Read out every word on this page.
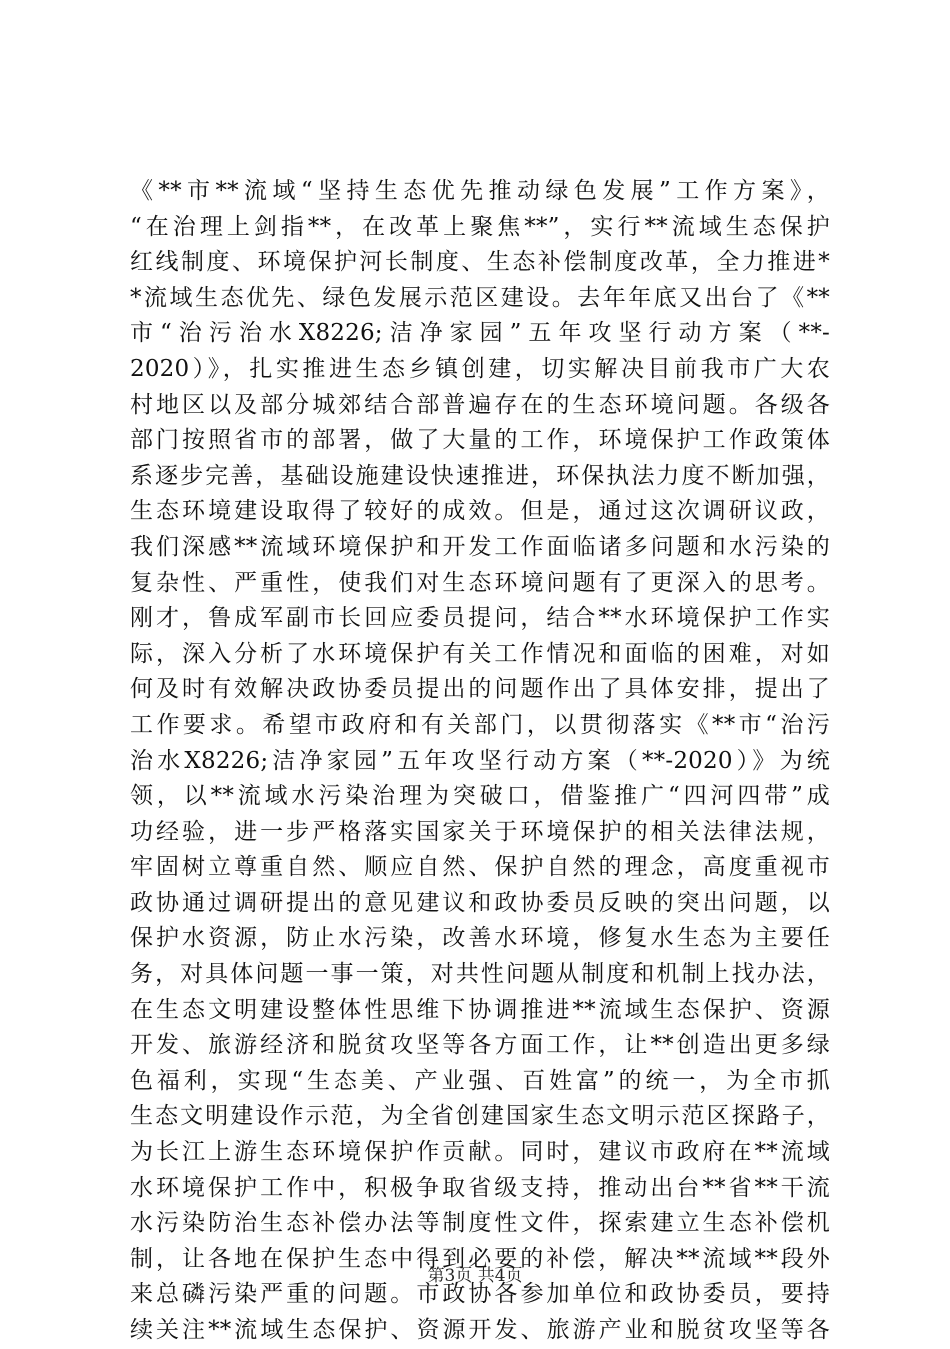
《**市**流域“坚持生态优先推动绿色发展”工作方案》，
“在治理上剑指**，在改革上聚焦**”，实行**流域生态保护
红线制度、环境保护河长制度、生态补偿制度改革，全力推进*
*流域生态优先、绿色发展示范区建设。去年年底又出台了《**
市“治污治水X8226;洁净家园”五年攻坚行动方案（**-
2020）》，扎实推进生态乡镇创建，切实解决目前我市广大农
村地区以及部分城郊结合部普遍存在的生态环境问题。各级各
部门按照省市的部署，做了大量的工作，环境保护工作政策体
系逐步完善，基础设施建设快速推进，环保执法力度不断加强，
生态环境建设取得了较好的成效。但是，通过这次调研议政，
我们深感**流域环境保护和开发工作面临诸多问题和水污染的
复杂性、严重性，使我们对生态环境问题有了更深入的思考。
刚才，鲁成军副市长回应委员提问，结合**水环境保护工作实
际，深入分析了水环境保护有关工作情况和面临的困难，对如
何及时有效解决政协委员提出的问题作出了具体安排，提出了
工作要求。希望市政府和有关部门，以贯彻落实《**市“治污
治水X8226;洁净家园”五年攻坚行动方案（**-2020）》为统
领，以**流域水污染治理为突破口，借鉴推广“四河四带”成
功经验，进一步严格落实国家关于环境保护的相关法律法规，
牢固树立尊重自然、顺应自然、保护自然的理念，高度重视市
政协通过调研提出的意见建议和政协委员反映的突出问题，以
保护水资源，防止水污染，改善水环境，修复水生态为主要任
务，对具体问题一事一策，对共性问题从制度和机制上找办法，
在生态文明建设整体性思维下协调推进**流域生态保护、资源
开发、旅游经济和脱贫攻坚等各方面工作，让**创造出更多绿
色福利，实现“生态美、产业强、百姓富”的统一，为全市抓
生态文明建设作示范，为全省创建国家生态文明示范区探路子，
为长江上游生态环境保护作贡献。同时，建议市政府在**流域
水环境保护工作中，积极争取省级支持，推动出台**省**干流
水污染防治生态补偿办法等制度性文件，探索建立生态补偿机
制，让各地在保护生态中得到必要的补偿，解决**流域**段外
来总磷污染严重的问题。市政协各参加单位和政协委员，要持
续关注**流域生态保护、资源开发、旅游产业和脱贫攻坚等各
第3页 共4页
